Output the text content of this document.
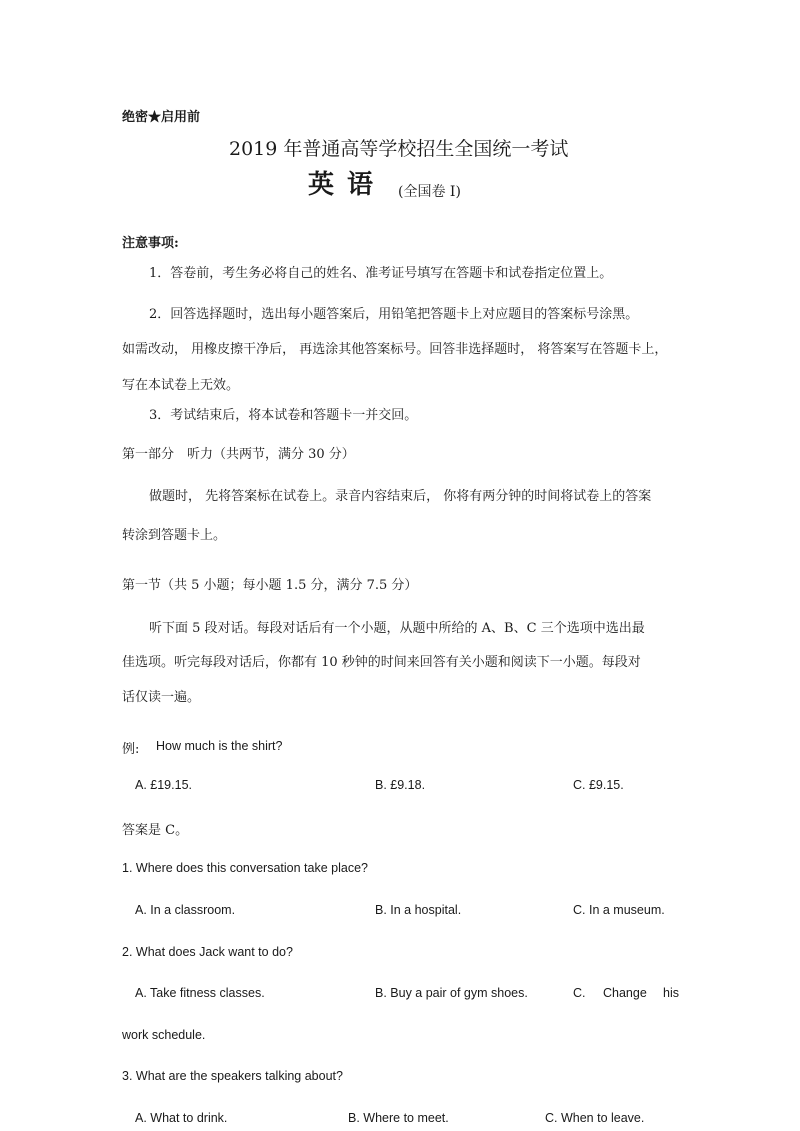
绝密★启用前
2019 年普通高等学校招生全国统一考试
英 语 (全国卷 I)
注意事项:
1．答卷前，考生务必将自己的姓名、准考证号填写在答题卡和试卷指定位置上。
2．回答选择题时，选出每小题答案后，用铅笔把答题卡上对应题目的答案标号涂黑。
如需改动， 用橡皮擦干净后， 再选涂其他答案标号。回答非选择题时， 将答案写在答题卡上，
写在本试卷上无效。
3．考试结束后，将本试卷和答题卡一并交回。
第一部分　听力（共两节，满分 30 分）
做题时， 先将答案标在试卷上。录音内容结束后， 你将有两分钟的时间将试卷上的答案
转涂到答题卡上。
第一节（共 5 小题；每小题 1.5 分，满分 7.5 分）
听下面 5 段对话。每段对话后有一个小题，从题中所给的 A、B、C 三个选项中选出最
佳选项。听完每段对话后，你都有 10 秒钟的时间来回答有关小题和阅读下一小题。每段对
话仅读一遍。
例: How much is the shirt?
A. £19.15.	B. £9.18.	C. £9.15.
答案是 C。
1. Where does this conversation take place?
A. In a classroom.	B. In a hospital.	C. In a museum.
2. What does Jack want to do?
A. Take fitness classes.	B. Buy a pair of gym shoes.	C. Change his
work schedule.
3. What are the speakers talking about?
A. What to drink.	B. Where to meet.	C. When to leave.
